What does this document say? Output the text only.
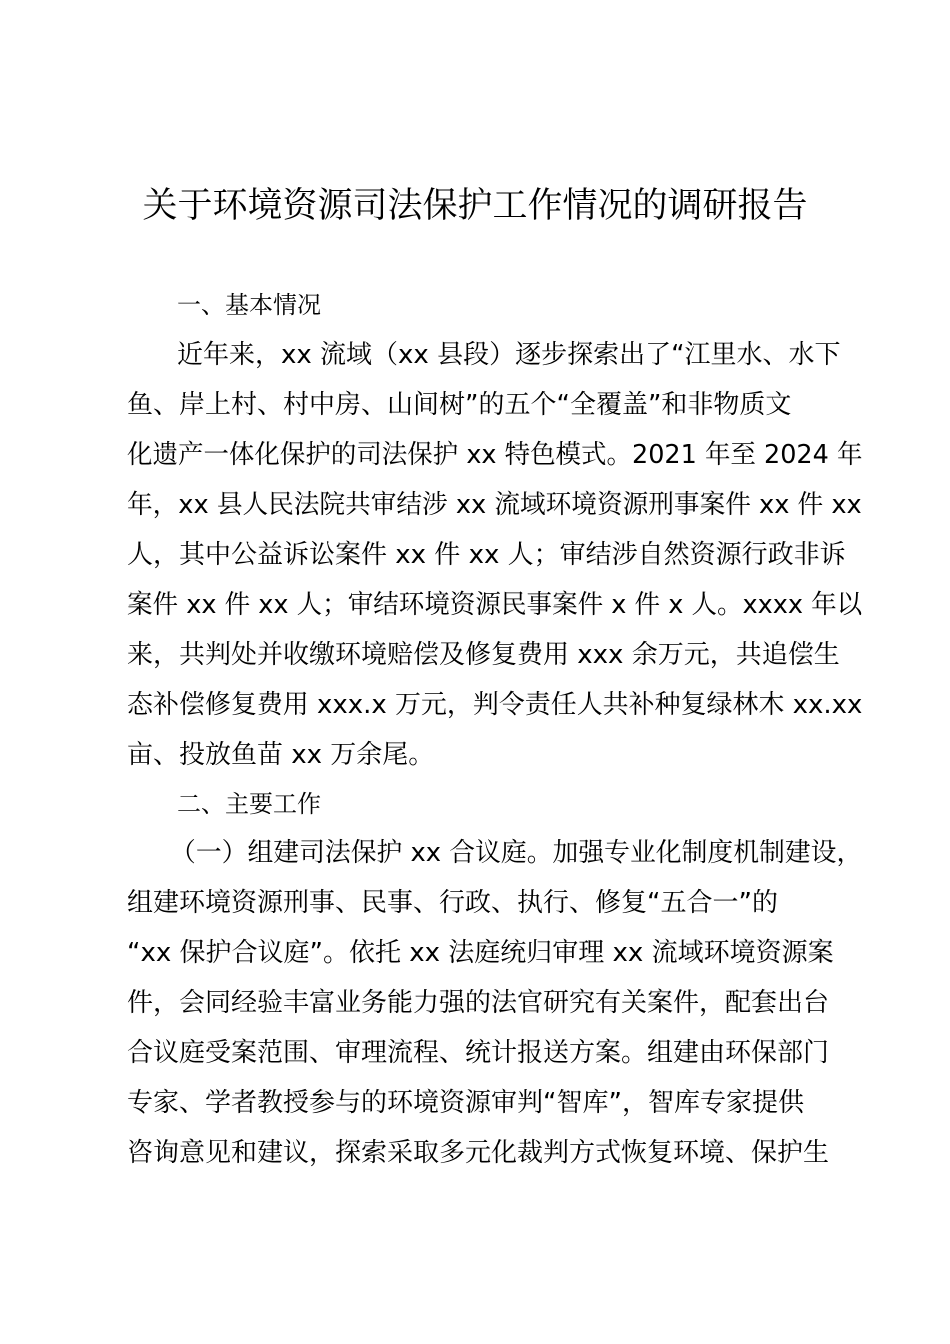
关于环境资源司法保护工作情况的调研报告
一、基本情况
近年来，xx 流域（xx 县段）逐步探索出了“江里水、水下
鱼、岸上村、村中房、山间树”的五个“全覆盖”和非物质文
化遗产一体化保护的司法保护 xx 特色模式。2021 年至 2024 年
年，xx 县人民法院共审结涉 xx 流域环境资源刑事案件 xx 件 xx
人，其中公益诉讼案件 xx 件 xx 人；审结涉自然资源行政非诉
案件 xx 件 xx 人；审结环境资源民事案件 x 件 x 人。xxxx 年以
来，共判处并收缴环境赔偿及修复费用 xxx 余万元，共追偿生
态补偿修复费用 xxx.x 万元，判令责任人共补种复绿林木 xx.xx
亩、投放鱼苗 xx 万余尾。
二、主要工作
（一）组建司法保护 xx 合议庭。加强专业化制度机制建设，
组建环境资源刑事、民事、行政、执行、修复“五合一”的
“xx 保护合议庭”。依托 xx 法庭统归审理 xx 流域环境资源案
件，会同经验丰富业务能力强的法官研究有关案件，配套出台
合议庭受案范围、审理流程、统计报送方案。组建由环保部门
专家、学者教授参与的环境资源审判“智库”，智库专家提供
咨询意见和建议，探索采取多元化裁判方式恢复环境、保护生
